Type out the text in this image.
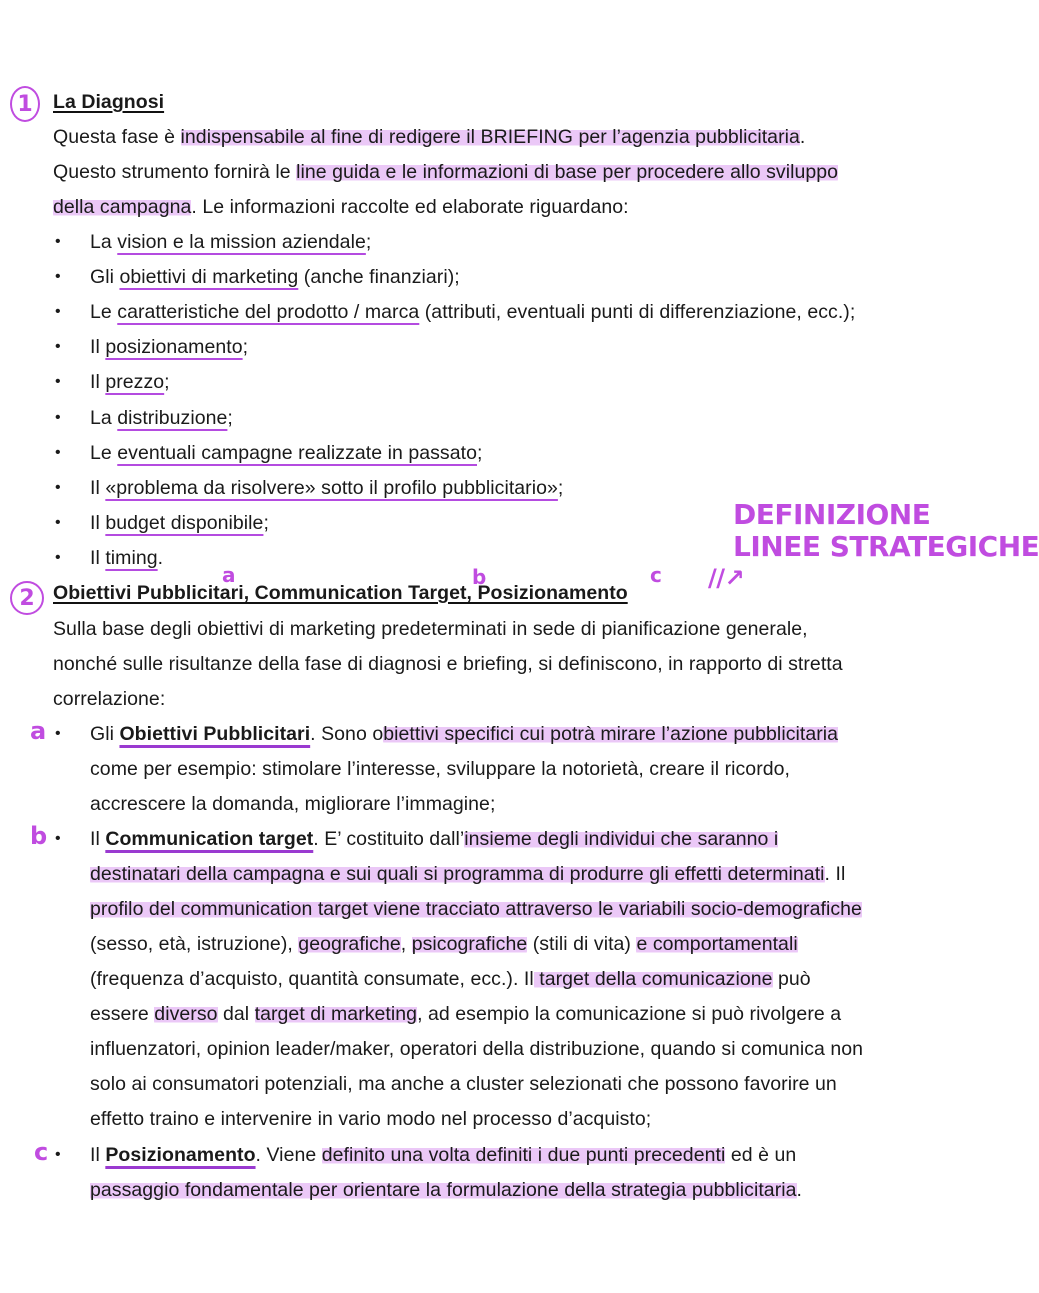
1 La Diagnosi
Questa fase è indispensabile al fine di redigere il BRIEFING per l’agenzia pubblicitaria.
Questo strumento fornirà le line guida e le informazioni di base per procedere allo sviluppo
della campagna. Le informazioni raccolte ed elaborate riguardano:
• La vision e la mission aziendale;
• Gli obiettivi di marketing (anche finanziari);
• Le caratteristiche del prodotto / marca (attributi, eventuali punti di differenziazione, ecc.);
• Il posizionamento;
• Il prezzo;
• La distribuzione;
• Le eventuali campagne realizzate in passato;
• Il «problema da risolvere» sotto il profilo pubblicitario»;
• Il budget disponibile;
• Il timing.
DEFINIZIONE
LINEE STRATEGICHE
//↗
2
a	b	c
Obiettivi Pubblicitari, Communication Target, Posizionamento
Sulla base degli obiettivi di marketing predeterminati in sede di pianificazione generale,
nonché sulle risultanze della fase di diagnosi e briefing, si definiscono, in rapporto di stretta
correlazione:
a • Gli Obiettivi Pubblicitari. Sono obiettivi specifici cui potrà mirare l’azione pubblicitaria
come per esempio: stimolare l’interesse, sviluppare la notorietà, creare il ricordo,
accrescere la domanda, migliorare l’immagine;
b • Il Communication target. E’ costituito dall’insieme degli individui che saranno i
destinatari della campagna e sui quali si programma di produrre gli effetti determinati. Il
profilo del communication target viene tracciato attraverso le variabili socio-demografiche
(sesso, età, istruzione), geografiche, psicografiche (stili di vita) e comportamentali
(frequenza d’acquisto, quantità consumate, ecc.). Il target della comunicazione può
essere diverso dal target di marketing, ad esempio la comunicazione si può rivolgere a
influenzatori, opinion leader/maker, operatori della distribuzione, quando si comunica non
solo ai consumatori potenziali, ma anche a cluster selezionati che possono favorire un
effetto traino e intervenire in vario modo nel processo d’acquisto;
c • Il Posizionamento. Viene definito una volta definiti i due punti precedenti ed è un
passaggio fondamentale per orientare la formulazione della strategia pubblicitaria.
